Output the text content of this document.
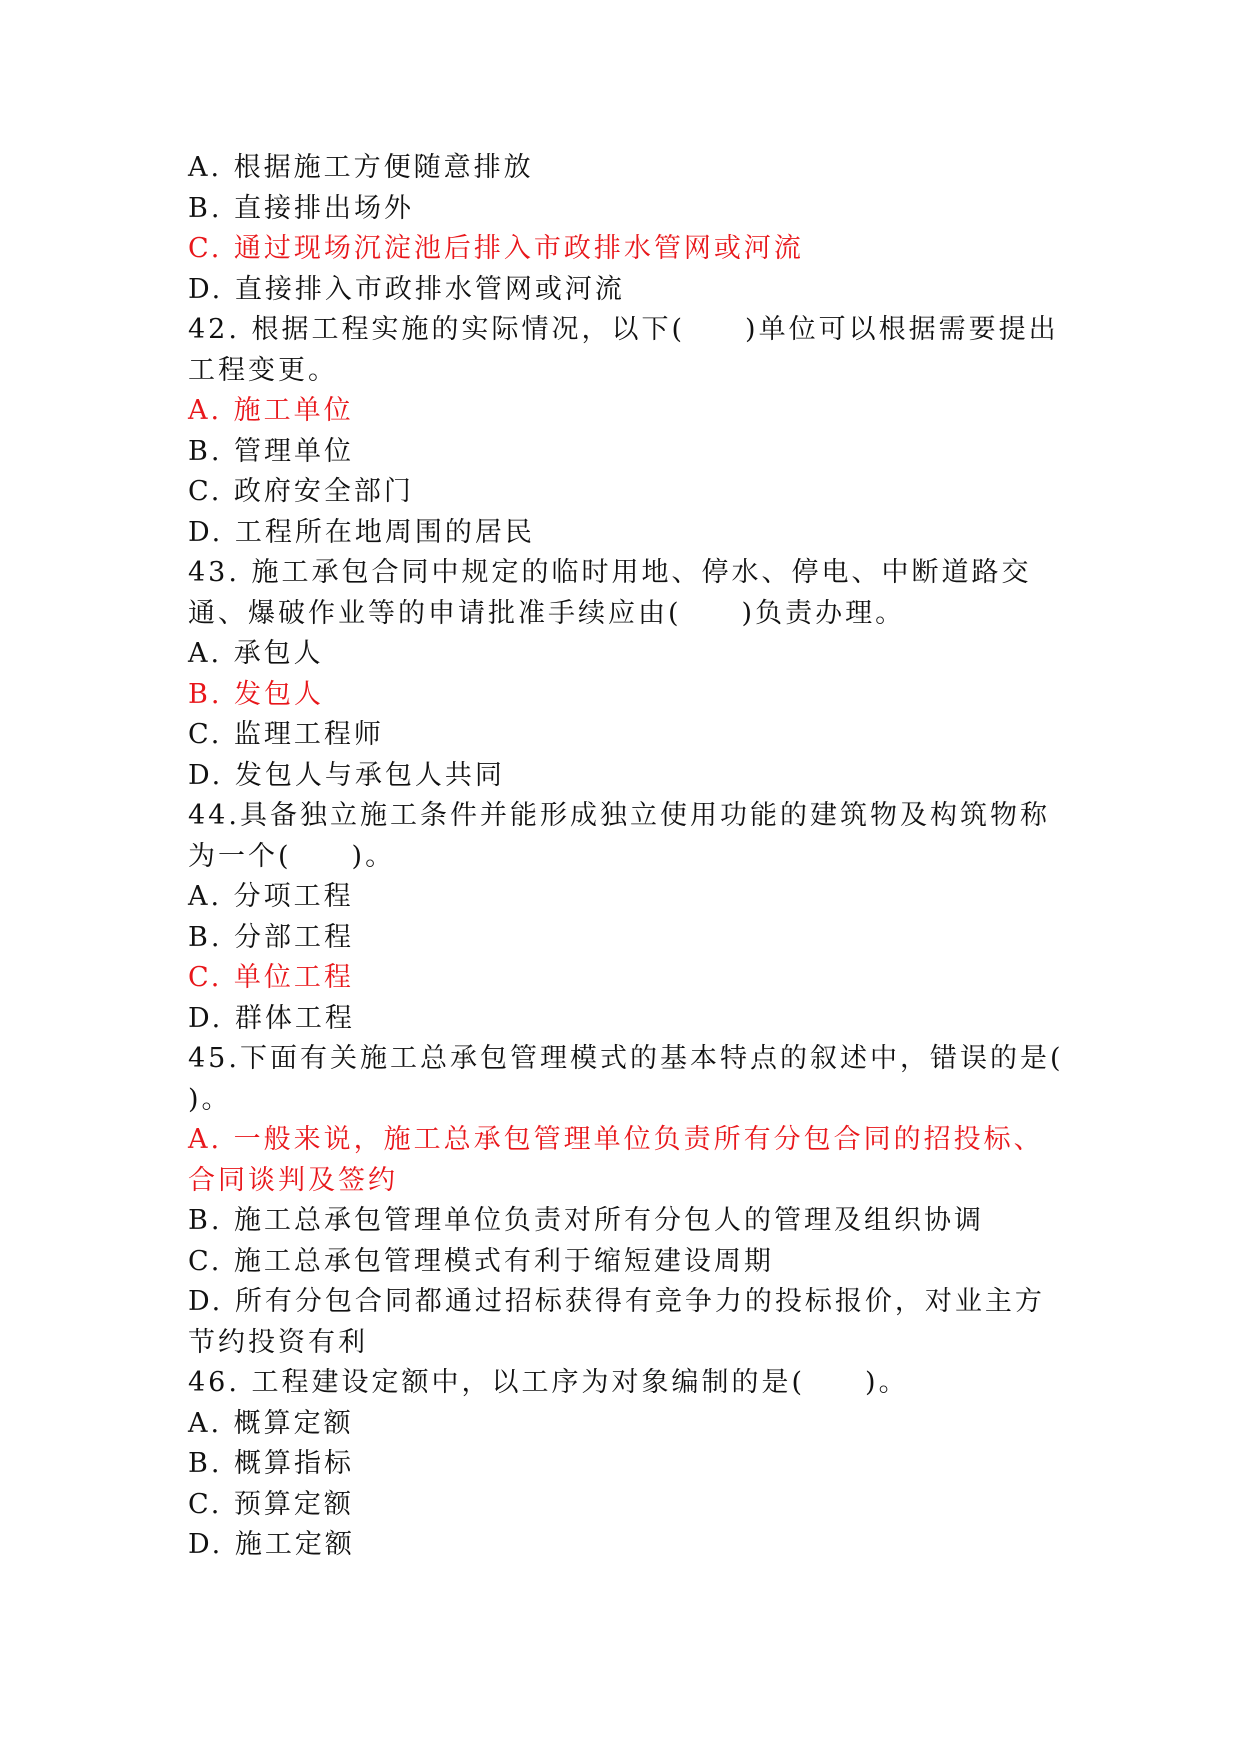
A. 根据施工方便随意排放
B. 直接排出场外
C. 通过现场沉淀池后排入市政排水管网或河流
D. 直接排入市政排水管网或河流
42. 根据工程实施的实际情况，以下(　　)单位可以根据需要提出工程变更。
A. 施工单位
B. 管理单位
C. 政府安全部门
D. 工程所在地周围的居民
43. 施工承包合同中规定的临时用地、停水、停电、中断道路交通、爆破作业等的申请批准手续应由(　　)负责办理。
A. 承包人
B. 发包人
C. 监理工程师
D. 发包人与承包人共同
44.具备独立施工条件并能形成独立使用功能的建筑物及构筑物称为一个(　　)。
A. 分项工程
B. 分部工程
C. 单位工程
D. 群体工程
45.下面有关施工总承包管理模式的基本特点的叙述中，错误的是(　　)。
A. 一般来说，施工总承包管理单位负责所有分包合同的招投标、合同谈判及签约
B. 施工总承包管理单位负责对所有分包人的管理及组织协调
C. 施工总承包管理模式有利于缩短建设周期
D. 所有分包合同都通过招标获得有竞争力的投标报价，对业主方节约投资有利
46. 工程建设定额中，以工序为对象编制的是(　　)。
A. 概算定额
B. 概算指标
C. 预算定额
D. 施工定额
